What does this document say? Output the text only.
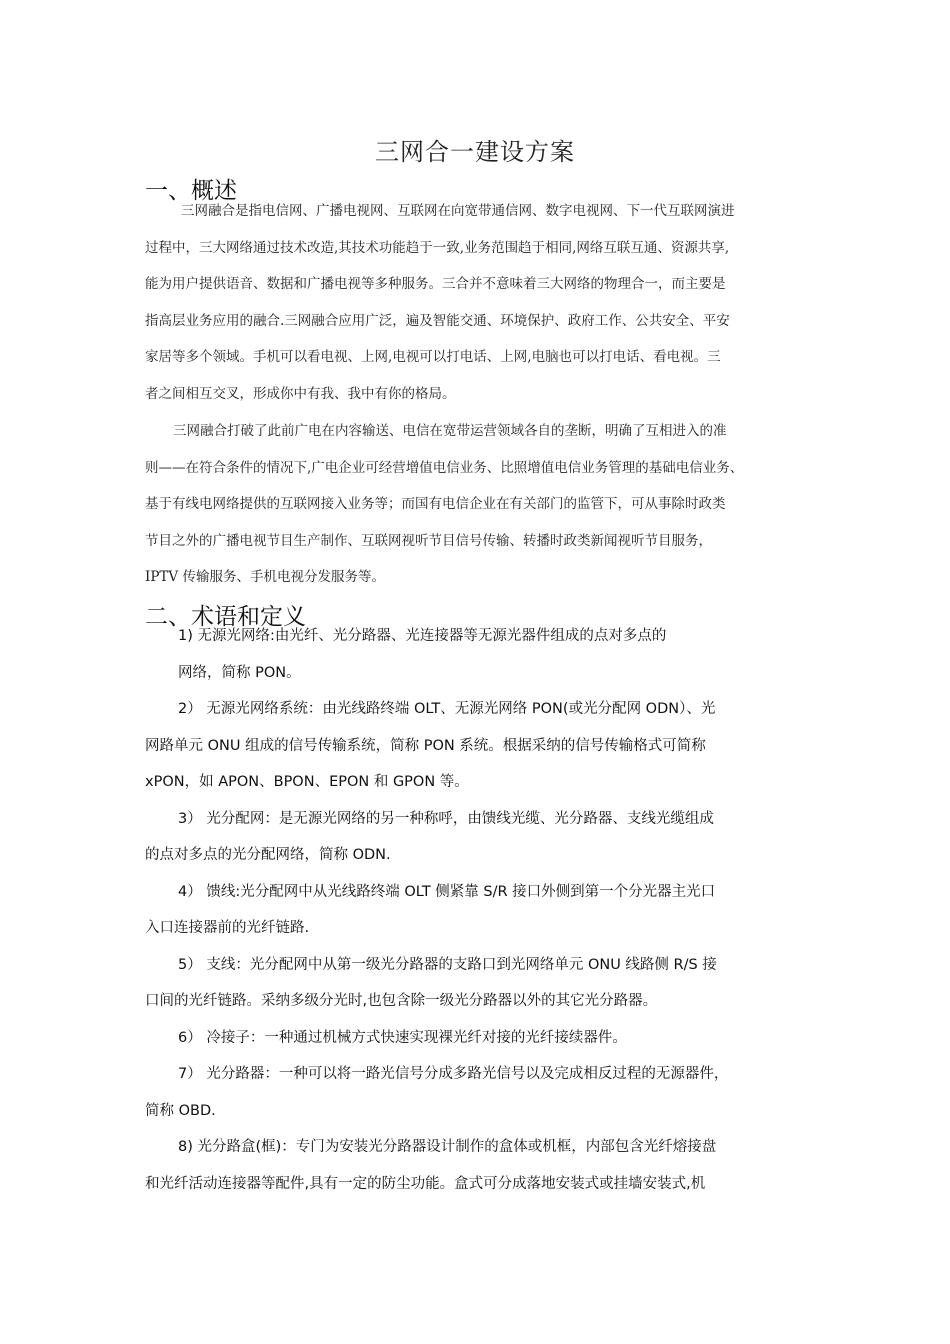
三网合一建设方案
一、概述
三网融合是指电信网、广播电视网、互联网在向宽带通信网、数字电视网、下一代互联网演进
过程中，三大网络通过技术改造,其技术功能趋于一致,业务范围趋于相同,网络互联互通、资源共享,
能为用户提供语音、数据和广播电视等多种服务。三合并不意味着三大网络的物理合一，而主要是
指高层业务应用的融合.三网融合应用广泛，遍及智能交通、环境保护、政府工作、公共安全、平安
家居等多个领域。手机可以看电视、上网,电视可以打电话、上网,电脑也可以打电话、看电视。三
者之间相互交叉，形成你中有我、我中有你的格局。
三网融合打破了此前广电在内容输送、电信在宽带运营领域各自的垄断，明确了互相进入的准
则——在符合条件的情况下,广电企业可经营增值电信业务、比照增值电信业务管理的基础电信业务、
基于有线电网络提供的互联网接入业务等；而国有电信企业在有关部门的监管下，可从事除时政类
节目之外的广播电视节目生产制作、互联网视听节目信号传输、转播时政类新闻视听节目服务，
IPTV 传输服务、手机电视分发服务等。
二、术语和定义
1) 无源光网络:由光纤、光分路器、光连接器等无源光器件组成的点对多点的
网络，简称 PON。
2） 无源光网络系统：由光线路终端 OLT、无源光网络 PON(或光分配网 ODN）、光
网路单元 ONU 组成的信号传输系统，简称 PON 系统。根据采纳的信号传输格式可简称
xPON，如 APON、BPON、EPON 和 GPON 等。
3） 光分配网：是无源光网络的另一种称呼，由馈线光缆、光分路器、支线光缆组成
的点对多点的光分配网络，简称 ODN.
4） 馈线:光分配网中从光线路终端 OLT 侧紧靠 S/R 接口外侧到第一个分光器主光口
入口连接器前的光纤链路.
5） 支线：光分配网中从第一级光分路器的支路口到光网络单元 ONU 线路侧 R/S 接
口间的光纤链路。采纳多级分光时,也包含除一级光分路器以外的其它光分路器。
6） 冷接子：一种通过机械方式快速实现裸光纤对接的光纤接续器件。
7） 光分路器：一种可以将一路光信号分成多路光信号以及完成相反过程的无源器件，
简称 OBD.
8) 光分路盒(框)：专门为安装光分路器设计制作的盒体或机框，内部包含光纤熔接盘
和光纤活动连接器等配件,具有一定的防尘功能。盒式可分成落地安装式或挂墙安装式,机
